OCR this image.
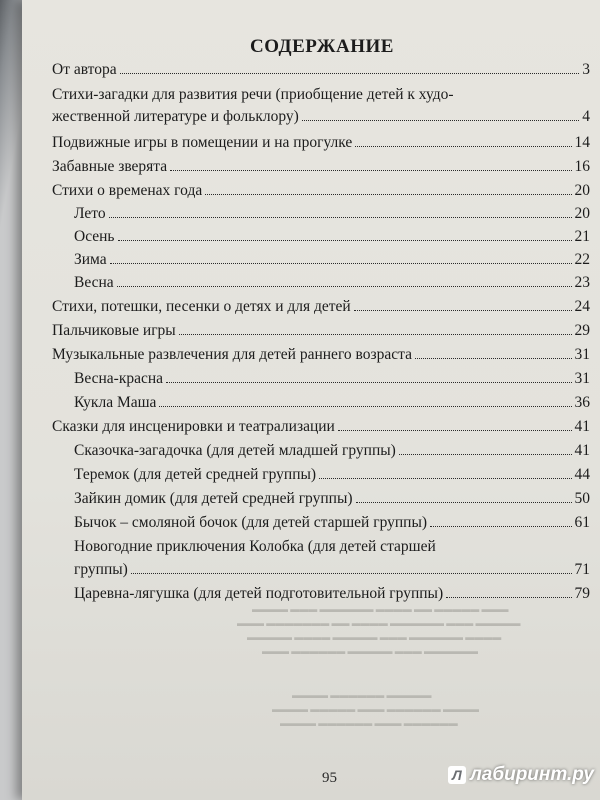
СОДЕРЖАНИЕ
От автора	3
Стихи-загадки для развития речи (приобщение детей к худо-
жественной литературе и фольклору)	4
Подвижные игры в помещении и на прогулке	14
Забавные зверята	16
Стихи о временах года	20
Лето	20
Осень	21
Зима	22
Весна	23
Стихи, потешки, песенки о детях и для детей	24
Пальчиковые игры	29
Музыкальные развлечения для детей раннего возраста	31
Весна-красна	31
Кукла Маша	36
Сказки для инсценировки и театрализации	41
Сказочка-загадочка (для детей младшей группы)	41
Теремок (для детей средней группы)	44
Зайкин домик (для детей средней группы)	50
Бычок – смоляной бочок (для детей старшей группы)	61
Новогодние приключения Колобка (для детей старшей
группы)	71
Царевна-лягушка (для детей подготовительной группы)	79
▬▬▬ ▬▬▬▬▬ ▬▬ ▬▬▬▬ ▬▬▬▬▬▬ ▬▬▬ ▬▬▬▬
▬▬▬▬▬ ▬▬▬ ▬▬▬▬▬▬ ▬▬▬▬ ▬▬ ▬▬▬▬▬▬▬ ▬▬▬
▬▬▬▬ ▬▬▬▬▬▬ ▬▬▬ ▬▬▬▬▬ ▬▬▬▬ ▬▬▬▬▬
▬▬▬▬▬▬ ▬▬▬ ▬▬▬▬▬ ▬▬▬▬▬▬ ▬▬▬
▬▬▬▬▬ ▬▬▬▬▬▬ ▬▬▬▬
▬▬▬▬ ▬▬▬▬▬▬ ▬▬▬ ▬▬▬▬▬ ▬▬▬▬
▬▬▬▬▬▬ ▬▬▬ ▬▬▬▬▬▬ ▬▬▬▬
95	Л лабиринт.ру
